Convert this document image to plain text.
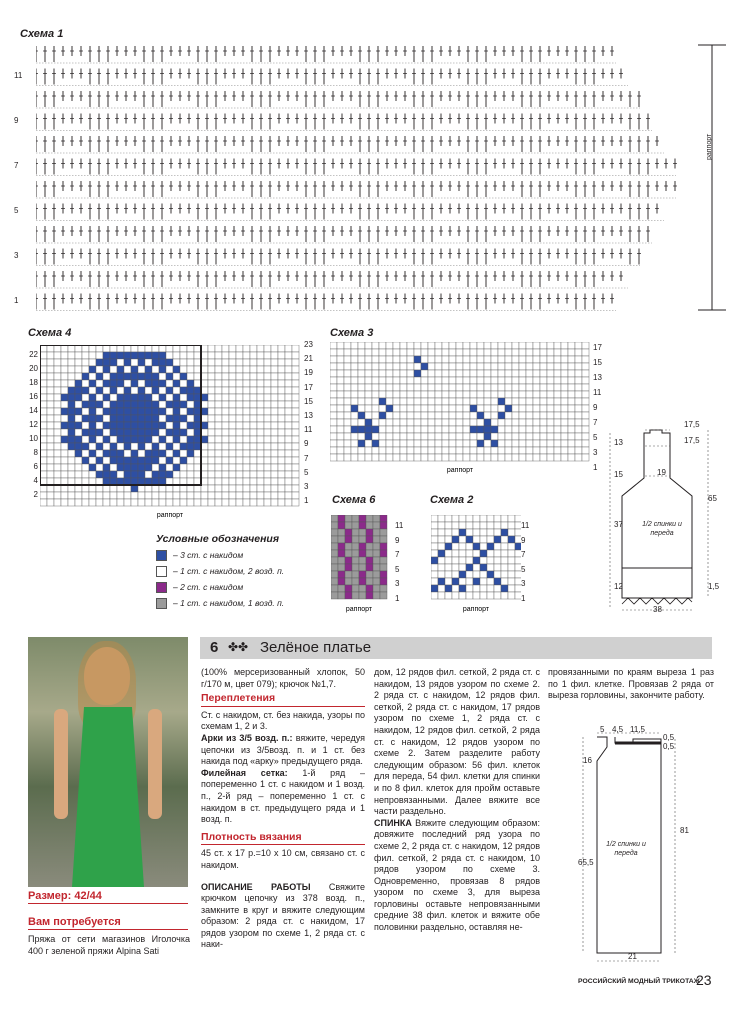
Схема 1
11
9
7
5
3
1
раппорт
Схема 4
раппорт
22
20
18
16
14
12
10
8
6
4
2
23
21
19
17
15
13
11
9
7
5
3
1
Схема 3
раппорт
17
15
13
11
9
7
5
3
1
Схема 6
раппорт
11
9
7
5
3
1
Схема 2
раппорт
11
9
7
5
3
1
Условные обозначения
– 3 ст. с накидом
– 1 ст. с накидом, 2 возд. п.
– 2 ст. с накидом
– 1 ст. с накидом, 1 возд. п.
17,5
17,5
13
15	19
37
12
65
1,5
38
1/2 спинки и переда
Размер: 42/44
Вам потребуется
Пряжа от сети магазинов Иголочка 400 г зеленой пряжи Alpina Sati
6 ✤✤ Зелёное платье

(100% мерсеризованный хлопок, 50 г/170 м, цвет 079); крючок №1,7.

Переплетения

Ст. с накидом, ст. без накида, узоры по схемам 1, 2 и 3.

Арки из 3/5 возд. п.: вяжите, чередуя цепочки из 3/5возд. п. и 1 ст. без накида под «арку» предыдущего ряда.

Филейная сетка: 1-й ряд – попеременно 1 ст. с накидом и 1 возд. п., 2-й ряд – попеременно 1 ст. с накидом в ст. предыдущего ряда и 1 возд. п.

Плотность вязания

45 ст. х 17 р.=10 х 10 см, связано ст. с накидом.

ОПИСАНИЕ РАБОТЫ Свяжите крючком цепочку из 378 возд. п., замкните в круг и вяжите следующим образом: 2 ряда ст. с накидом, 17 рядов узором по схеме 1, 2 ряда ст. с наки-

дом, 12 рядов фил. сеткой, 2 ряда ст. с накидом, 13 рядов узором по схеме 2. 2 ряда ст. с накидом, 12 рядов фил. сеткой, 2 ряда ст. с накидом, 17 рядов узором по схеме 1, 2 ряда ст. с накидом, 12 рядов фил. сеткой, 2 ряда ст. с накидом, 12 рядов узором по схеме 2. Затем разделите работу следующим образом: 56 фил. клеток для переда, 54 фил. клетки для спинки и по 8 фил. клеток для пройм оставьте непровязанными. Далее вяжите все части раздельно.

СПИНКА Вяжите следующим образом: довяжите последний ряд узора по схеме 2, 2 ряда ст. с накидом, 12 рядов фил. сеткой, 2 ряда ст. с накидом, 10 рядов узором по схеме 3. Одновременно, провязав 8 рядов узором по схеме 3, для выреза горловины оставьте непровязанными средние 38 фил. клеток и вяжите обе половинки раздельно, оставляя не-

провязанными по краям выреза 1 раз по 1 фил. клетке. Провязав 2 ряда от выреза горловины, закончите работу.

5 4,5 11,5
0,5
0,5
16
65,5
81
21
1/2 спинки и переда
РОССИЙСКИЙ МОДНЫЙ ТРИКОТАЖ
23
